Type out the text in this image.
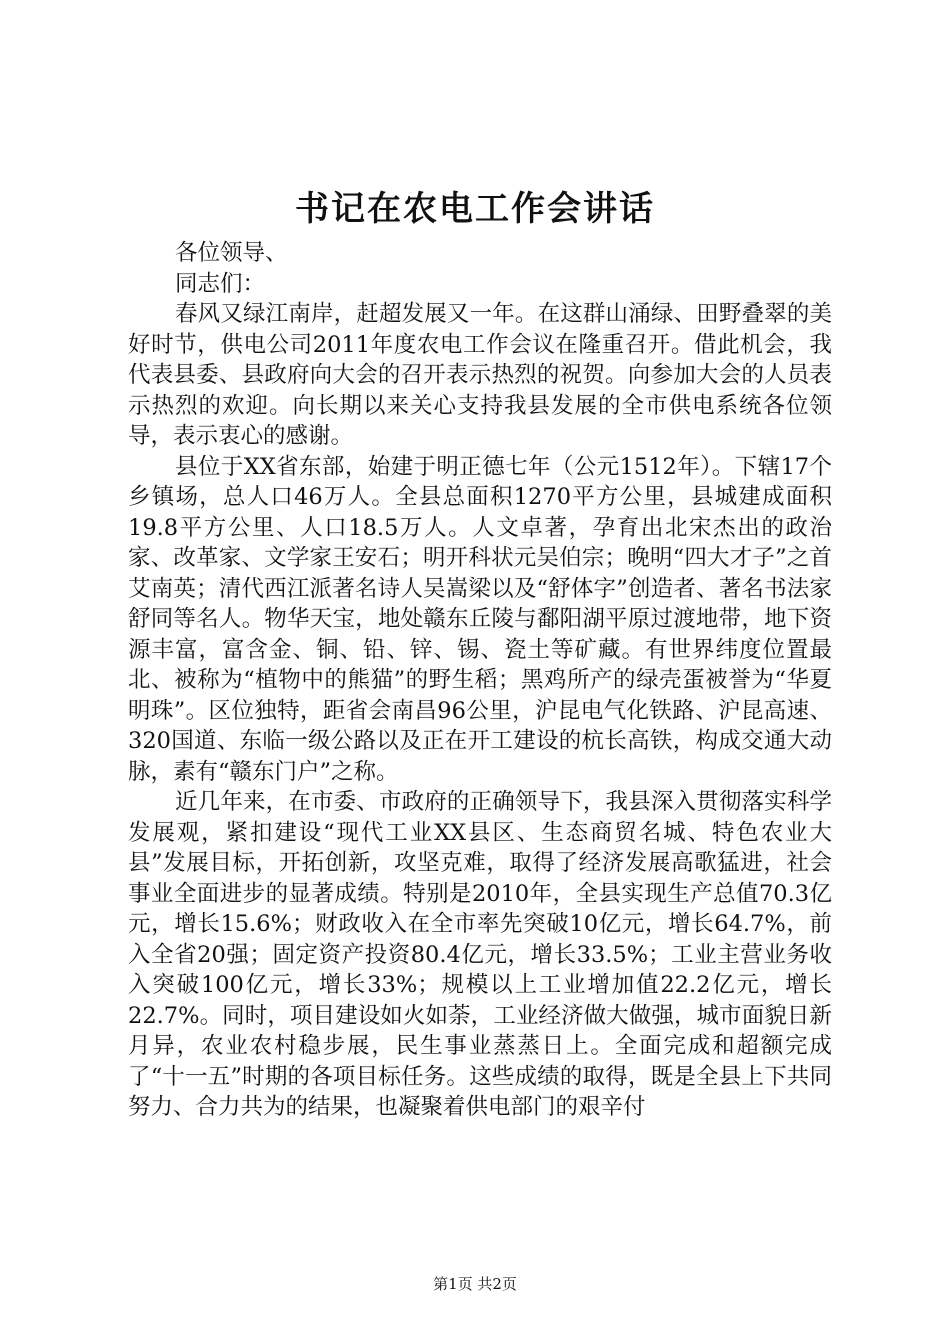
书记在农电工作会讲话

各位领导、

同志们：

春风又绿江南岸，赶超发展又一年。在这群山涌绿、田野叠翠的美好时节，供电公司2011年度农电工作会议在隆重召开。借此机会，我代表县委、县政府向大会的召开表示热烈的祝贺。向参加大会的人员表示热烈的欢迎。向长期以来关心支持我县发展的全市供电系统各位领导，表示衷心的感谢。

县位于XX省东部，始建于明正德七年（公元1512年）。下辖17个乡镇场，总人口46万人。全县总面积1270平方公里，县城建成面积19.8平方公里、人口18.5万人。人文卓著，孕育出北宋杰出的政治家、改革家、文学家王安石；明开科状元吴伯宗；晚明“四大才子”之首艾南英；清代西江派著名诗人吴嵩梁以及“舒体字”创造者、著名书法家舒同等名人。物华天宝，地处赣东丘陵与鄱阳湖平原过渡地带，地下资源丰富，富含金、铜、铅、锌、锡、瓷土等矿藏。有世界纬度位置最北、被称为“植物中的熊猫”的野生稻；黑鸡所产的绿壳蛋被誉为“华夏明珠”。区位独特，距省会南昌96公里，沪昆电气化铁路、沪昆高速、320国道、东临一级公路以及正在开工建设的杭长高铁，构成交通大动脉，素有“赣东门户”之称。

近几年来，在市委、市政府的正确领导下，我县深入贯彻落实科学发展观，紧扣建设“现代工业XX县区、生态商贸名城、特色农业大县”发展目标，开拓创新，攻坚克难，取得了经济发展高歌猛进，社会事业全面进步的显著成绩。特别是2010年，全县实现生产总值70.3亿元，增长15.6%；财政收入在全市率先突破10亿元，增长64.7%，前入全省20强；固定资产投资80.4亿元，增长33.5%；工业主营业务收入突破100亿元，增长33%；规模以上工业增加值22.2亿元，增长22.7%。同时，项目建设如火如荼，工业经济做大做强，城市面貌日新月异，农业农村稳步展，民生事业蒸蒸日上。全面完成和超额完成了“十一五”时期的各项目标任务。这些成绩的取得，既是全县上下共同努力、合力共为的结果，也凝聚着供电部门的艰辛付

第1页 共2页
